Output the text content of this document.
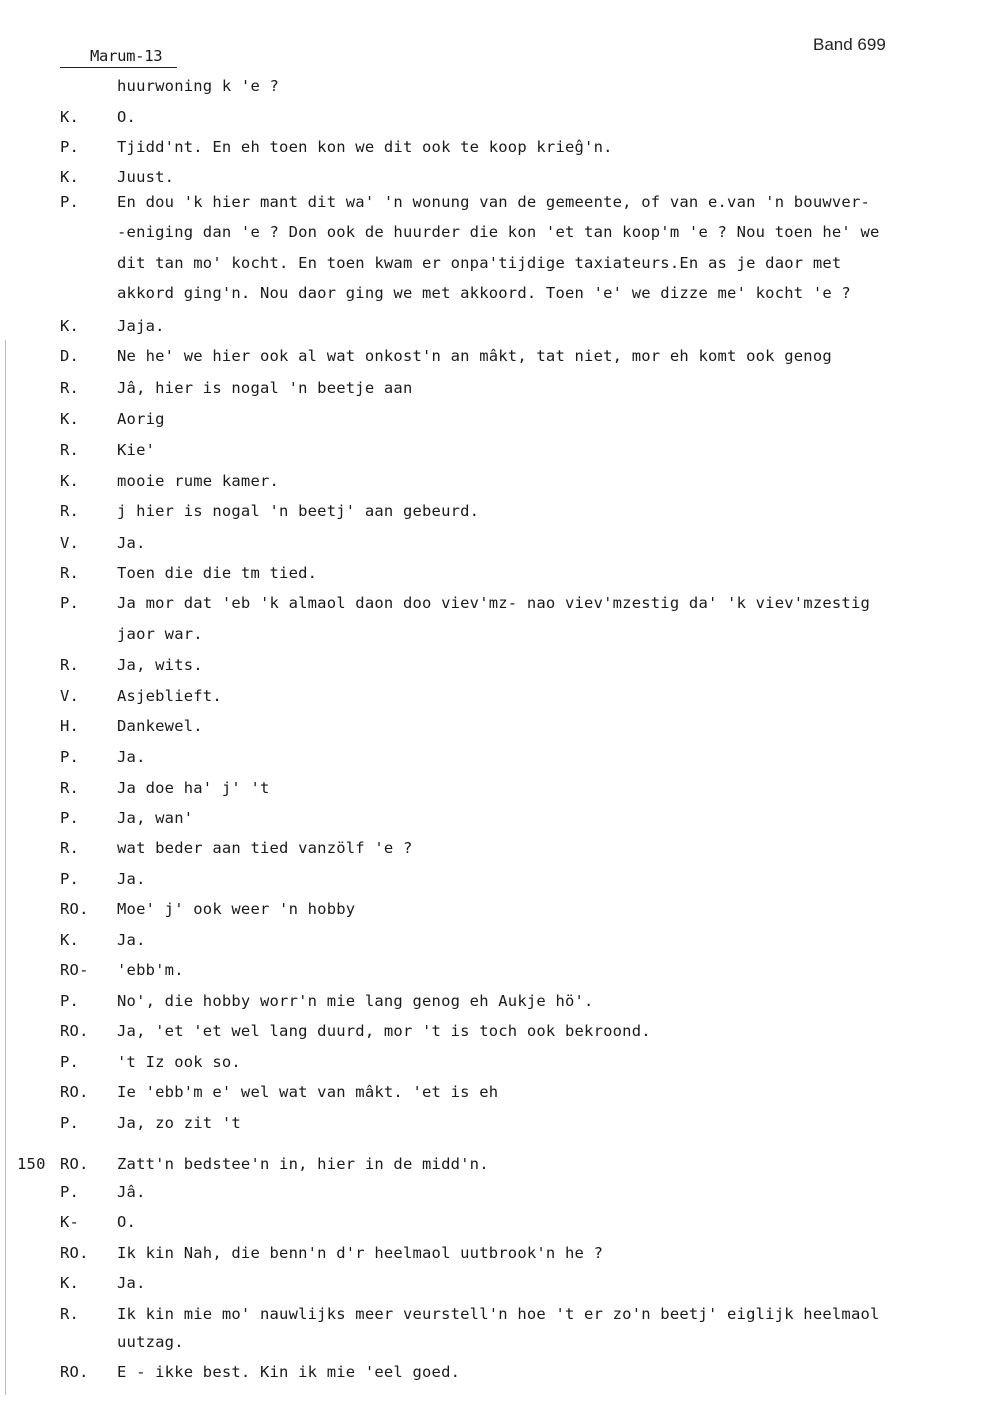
Marum-13
Band 699
huurwoning k 'e ?
K.	O.
P.	Tjidd'nt. En eh toen kon we dit ook te koop krieĝ'n.
K.	Juust.
P.	En dou 'k hier mant dit wa' 'n wonung van de gemeente, of van e.van 'n bouwver-
-eniging dan 'e ? Don ook de huurder die kon 'et tan koop'm 'e ? Nou toen he' we
dit tan mo' kocht. En toen kwam er onpa'tijdige taxiateurs.En as je daor met
akkord ging'n. Nou daor ging we met akkoord. Toen 'e' we dizze me' kocht 'e ?
K.	Jaja.
D.	Ne he' we hier ook al wat onkost'n an mâkt, tat niet, mor eh komt ook genog
R.	Jâ, hier is nogal 'n beetje aan
K.	Aorig
R.	Kie'
K.	mooie rume kamer.
R.	j hier is nogal 'n beetj' aan gebeurd.
V.	Ja.
R.	Toen die die tm tied.
P.	Ja mor dat 'eb 'k almaol daon doo viev'mz- nao viev'mzestig da' 'k viev'mzestig
jaor war.
R.	Ja, wits.
V.	Asjeblieft.
H.	Dankewel.
P.	Ja.
R.	Ja doe ha' j' 't
P.	Ja, wan'
R.	wat beder aan tied vanzölf 'e ?
P.	Ja.
RO.	Moe' j' ook weer 'n hobby
K.	Ja.
RO-	'ebb'm.
P.	No', die hobby worr'n mie lang genog eh Aukje hö'.
RO.	Ja, 'et 'et wel lang duurd, mor 't is toch ook bekroond.
P.	't Iz ook so.
RO.	Ie 'ebb'm e' wel wat van mâkt. 'et is eh
P.	Ja, zo zit 't
150 RO.	Zatt'n bedstee'n in, hier in de midd'n.
P.	Jâ.
K-	O.
RO.	Ik kin Nah, die benn'n d'r heelmaol uutbrook'n he ?
K.	Ja.
R.	Ik kin mie mo' nauwlijks meer veurstell'n hoe 't er zo'n beetj' eiglijk heelmaol
uutzag.
RO.	E - ikke best. Kin ik mie 'eel goed.
